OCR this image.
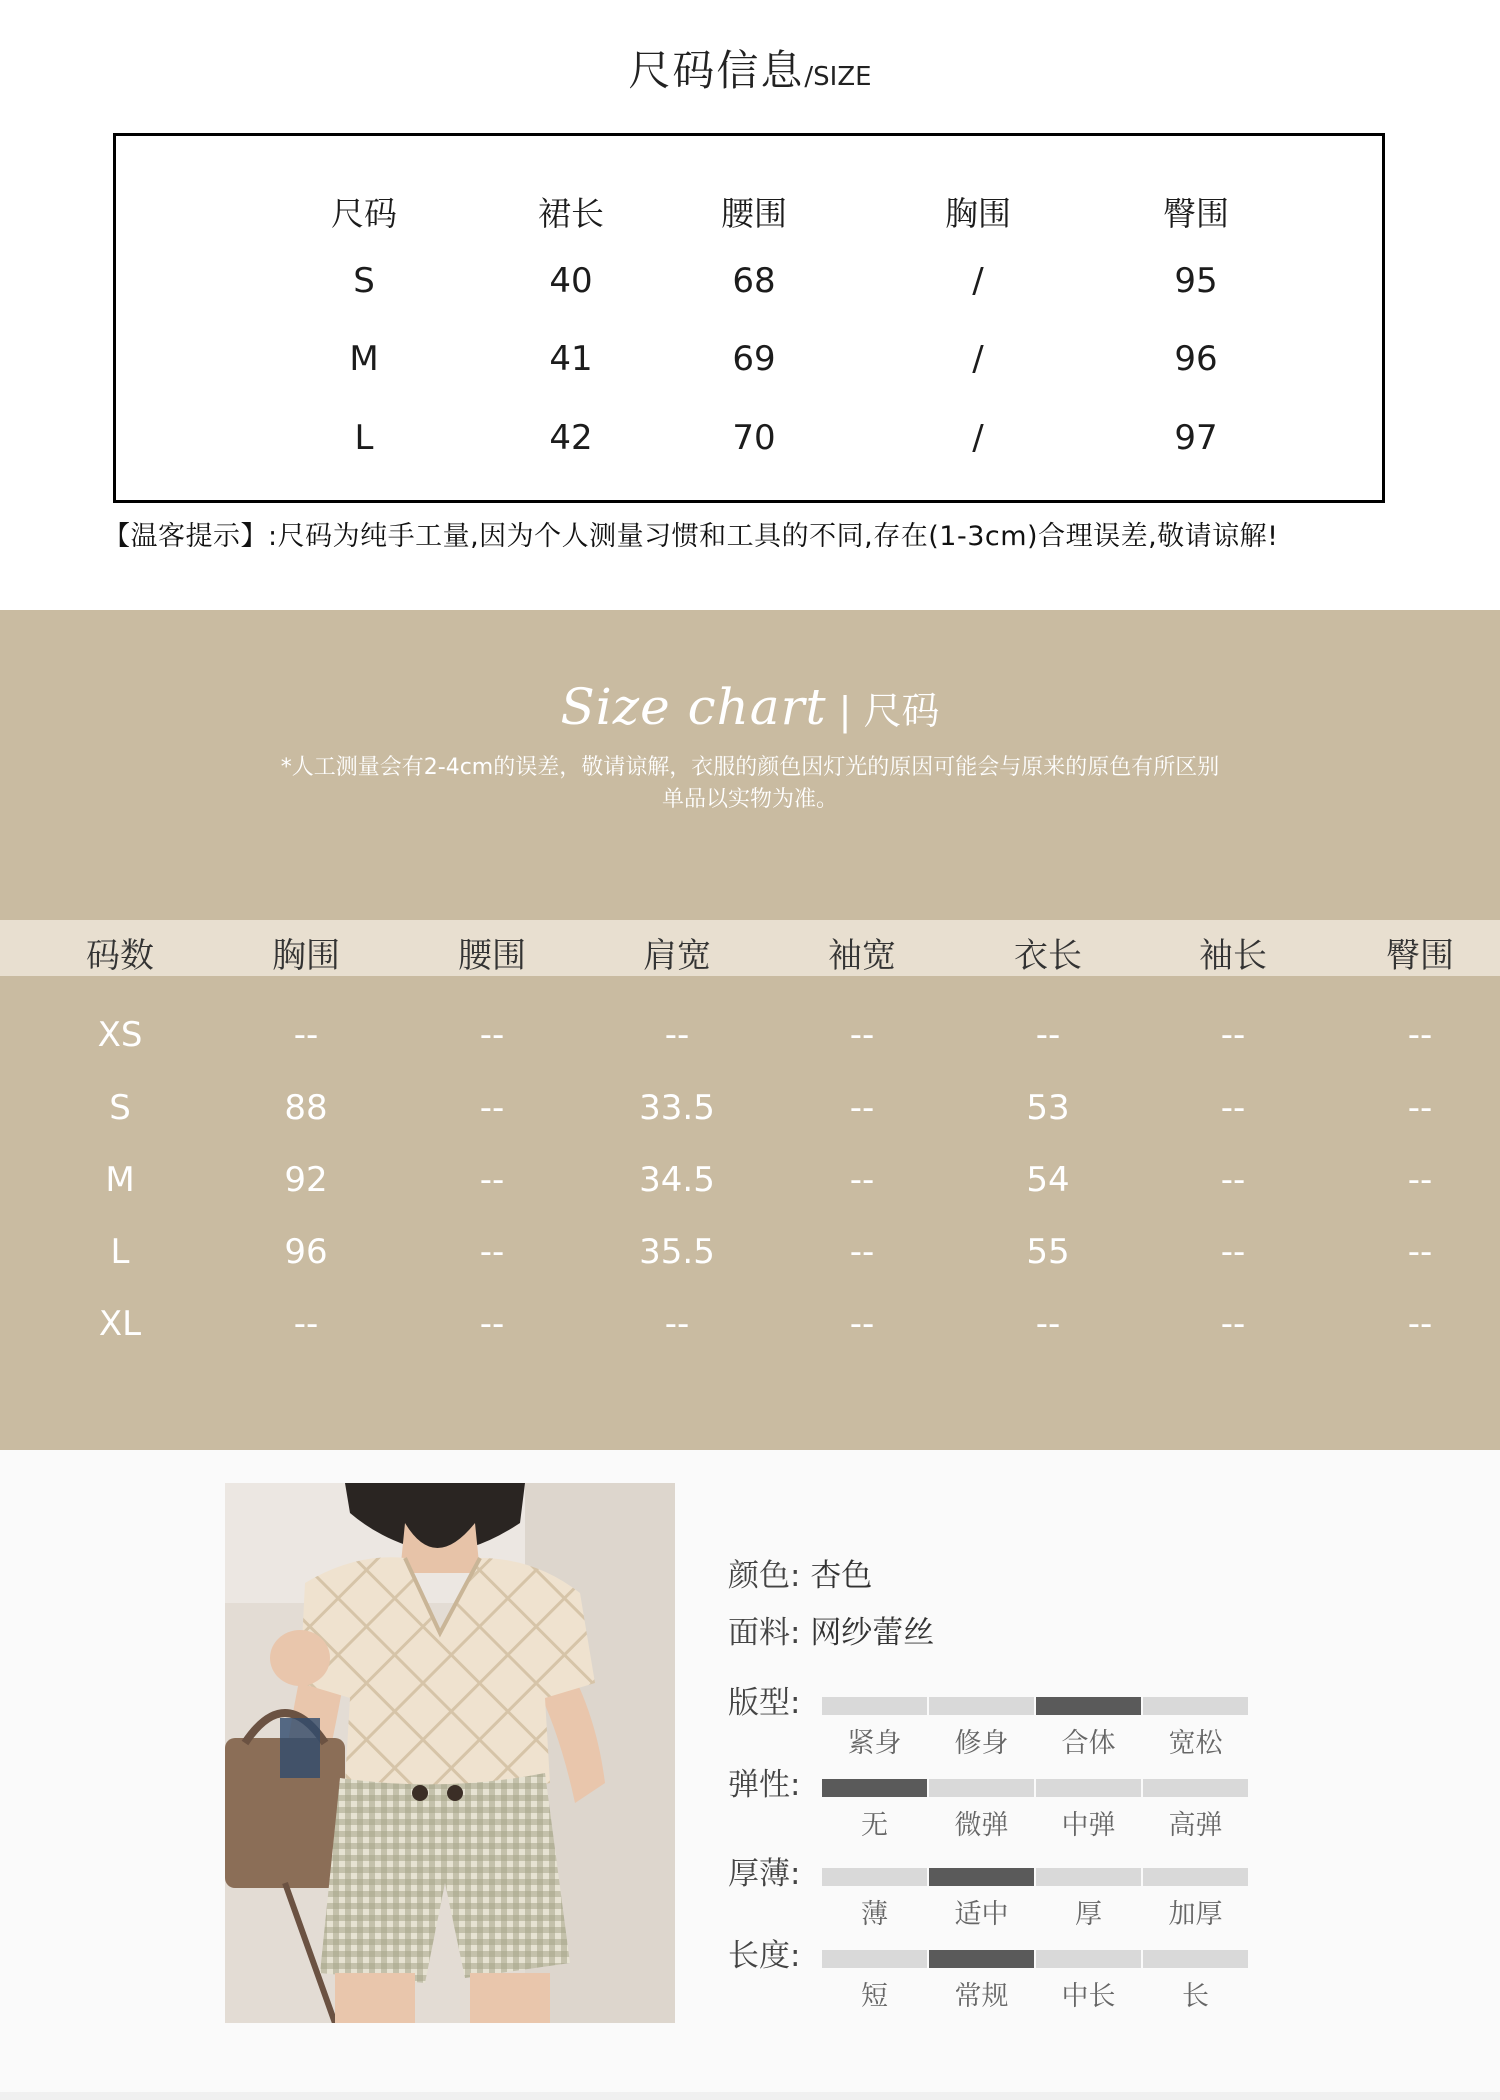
尺码信息/SIZE
尺码	裙长	腰围	胸围	臀围
S	40	68	/	95
M	41	69	/	96
L	42	70	/	97
【温客提示】:尺码为纯手工量,因为个人测量习惯和工具的不同,存在(1-3cm)合理误差,敬请谅解!
Size chart | 尺码
*人工测量会有2-4cm的误差，敬请谅解，衣服的颜色因灯光的原因可能会与原来的原色有所区别
单品以实物为准。
码数	胸围	腰围	肩宽	袖宽	衣长	袖长	臀围
XS	--	--	--	--	--	--	--
S	88	--	33.5	--	53	--	--
M	92	--	34.5	--	54	--	--
L	96	--	35.5	--	55	--	--
XL	--	--	--	--	--	--	--
颜色: 杏色
面料: 网纱蕾丝
版型:
紧身	修身	合体	宽松
弹性:
无	微弹	中弹	高弹
厚薄:
薄	适中	厚	加厚
长度:
短	常规	中长	长
